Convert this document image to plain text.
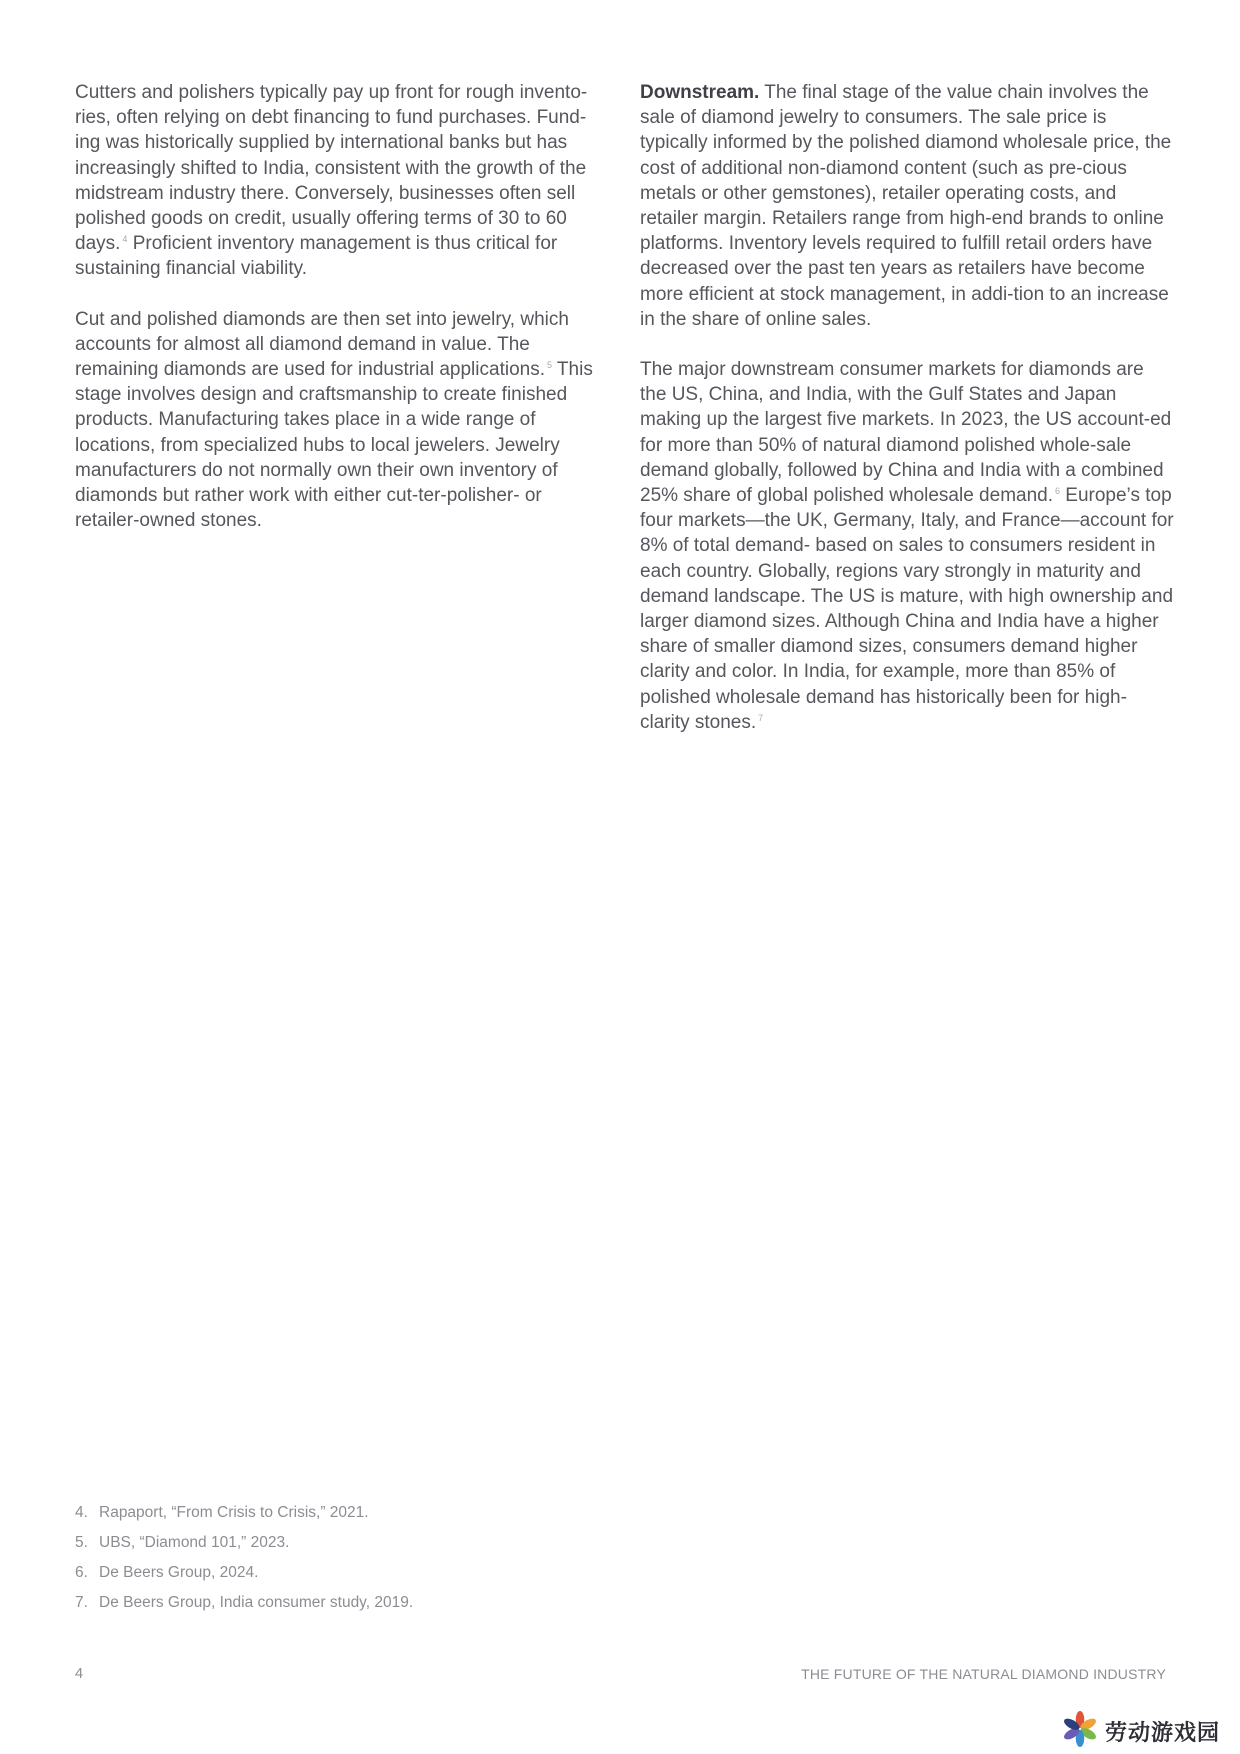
Cutters and polishers typically pay up front for rough invento-ries, often relying on debt financing to fund purchases. Fund-ing was historically supplied by international banks but has increasingly shifted to India, consistent with the growth of the midstream industry there. Conversely, businesses often sell polished goods on credit, usually offering terms of 30 to 60 days. $^4$ Proficient inventory management is thus critical for sustaining financial viability.

Cut and polished diamonds are then set into jewelry, which accounts for almost all diamond demand in value. The remaining diamonds are used for industrial applications. $^5$ This stage involves design and craftsmanship to create finished products. Manufacturing takes place in a wide range of locations, from specialized hubs to local jewelers. Jewelry manufacturers do not normally own their own inventory of diamonds but rather work with either cut-ter-polisher- or retailer-owned stones.

Downstream. The final stage of the value chain involves the sale of diamond jewelry to consumers. The sale price is typically informed by the polished diamond wholesale price, the cost of additional non-diamond content (such as pre-cious metals or other gemstones), retailer operating costs, and retailer margin. Retailers range from high-end brands to online platforms. Inventory levels required to fulfill retail orders have decreased over the past ten years as retailers have become more efficient at stock management, in addi-tion to an increase in the share of online sales.

The major downstream consumer markets for diamonds are the US, China, and India, with the Gulf States and Japan making up the largest five markets. In 2023, the US account-ed for more than 50% of natural diamond polished whole-sale demand globally, followed by China and India with a combined 25% share of global polished wholesale demand. $^6$ Europe’s top four markets—the UK, Germany, Italy, and France—account for 8% of total demand- based on sales to consumers resident in each country. Globally, regions vary strongly in maturity and demand landscape. The US is mature, with high ownership and larger diamond sizes. Although China and India have a higher share of smaller diamond sizes, consumers demand higher clarity and color. In India, for example, more than 85% of polished wholesale demand has historically been for high-clarity stones. $^7$

4. Rapaport, “From Crisis to Crisis,” 2021.
5. UBS, “Diamond 101,” 2023.
6. De Beers Group, 2024.
7. De Beers Group, India consumer study, 2019.
4	THE FUTURE OF THE NATURAL DIAMOND INDUSTRY
劳动游戏园
